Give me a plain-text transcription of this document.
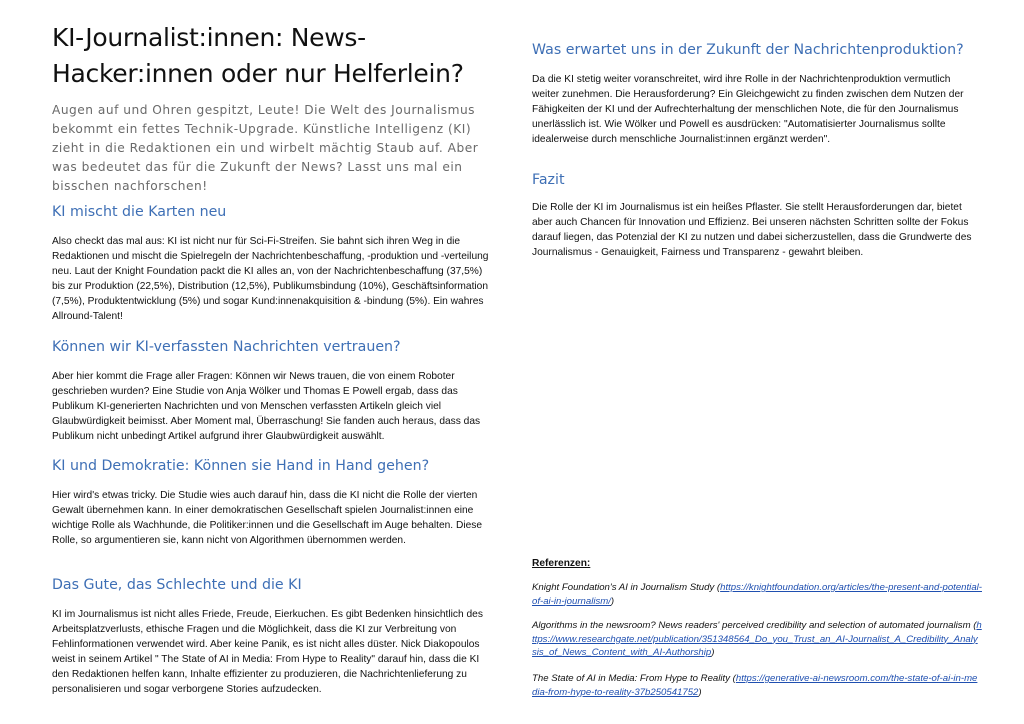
KI-Journalist:innen: News-Hacker:innen oder nur Helferlein?

Augen auf und Ohren gespitzt, Leute! Die Welt des Journalismus bekommt ein fettes Technik-Upgrade. Künstliche Intelligenz (KI) zieht in die Redaktionen ein und wirbelt mächtig Staub auf. Aber was bedeutet das für die Zukunft der News? Lasst uns mal ein bisschen nachforschen!

KI mischt die Karten neu

Also checkt das mal aus: KI ist nicht nur für Sci-Fi-Streifen. Sie bahnt sich ihren Weg in die Redaktionen und mischt die Spielregeln der Nachrichtenbeschaffung, -produktion und -verteilung neu. Laut der Knight Foundation packt die KI alles an, von der Nachrichtenbeschaffung (37,5%) bis zur Produktion (22,5%), Distribution (12,5%), Publikumsbindung (10%), Geschäftsinformation (7,5%), Produktentwicklung (5%) und sogar Kund:innenakquisition & -bindung (5%). Ein wahres Allround-Talent!

Können wir KI-verfassten Nachrichten vertrauen?

Aber hier kommt die Frage aller Fragen: Können wir News trauen, die von einem Roboter geschrieben wurden? Eine Studie von Anja Wölker und Thomas E Powell ergab, dass das Publikum KI-generierten Nachrichten und von Menschen verfassten Artikeln gleich viel Glaubwürdigkeit beimisst. Aber Moment mal, Überraschung! Sie fanden auch heraus, dass das Publikum nicht unbedingt Artikel aufgrund ihrer Glaubwürdigkeit auswählt.

KI und Demokratie: Können sie Hand in Hand gehen?

Hier wird's etwas tricky. Die Studie wies auch darauf hin, dass die KI nicht die Rolle der vierten Gewalt übernehmen kann. In einer demokratischen Gesellschaft spielen Journalist:innen eine wichtige Rolle als Wachhunde, die Politiker:innen und die Gesellschaft im Auge behalten. Diese Rolle, so argumentieren sie, kann nicht von Algorithmen übernommen werden.

Das Gute, das Schlechte und die KI

KI im Journalismus ist nicht alles Friede, Freude, Eierkuchen. Es gibt Bedenken hinsichtlich des Arbeitsplatzverlusts, ethische Fragen und die Möglichkeit, dass die KI zur Verbreitung von Fehlinformationen verwendet wird. Aber keine Panik, es ist nicht alles düster. Nick Diakopoulos weist in seinem Artikel " The State of AI in Media: From Hype to Reality" darauf hin, dass die KI den Redaktionen helfen kann, Inhalte effizienter zu produzieren, die Nachrichtenlieferung zu personalisieren und sogar verborgene Stories aufzudecken.

Was erwartet uns in der Zukunft der Nachrichtenproduktion?

Da die KI stetig weiter voranschreitet, wird ihre Rolle in der Nachrichtenproduktion vermutlich weiter zunehmen. Die Herausforderung? Ein Gleichgewicht zu finden zwischen dem Nutzen der Fähigkeiten der KI und der Aufrechterhaltung der menschlichen Note, die für den Journalismus unerlässlich ist. Wie Wölker und Powell es ausdrücken: "Automatisierter Journalismus sollte idealerweise durch menschliche Journalist:innen ergänzt werden".

Fazit

Die Rolle der KI im Journalismus ist ein heißes Pflaster. Sie stellt Herausforderungen dar, bietet aber auch Chancen für Innovation und Effizienz. Bei unseren nächsten Schritten sollte der Fokus darauf liegen, das Potenzial der KI zu nutzen und dabei sicherzustellen, dass die Grundwerte des Journalismus - Genauigkeit, Fairness und Transparenz - gewahrt bleiben.

Referenzen:

Knight Foundation's AI in Journalism Study (https://knightfoundation.org/articles/the-present-and-potential-of-ai-in-journalism/)

Algorithms in the newsroom? News readers' perceived credibility and selection of automated journalism (https://www.researchgate.net/publication/351348564_Do_you_Trust_an_AI-Journalist_A_Credibility_Analysis_of_News_Content_with_AI-Authorship)

The State of AI in Media: From Hype to Reality (https://generative-ai-newsroom.com/the-state-of-ai-in-media-from-hype-to-reality-37b250541752)
